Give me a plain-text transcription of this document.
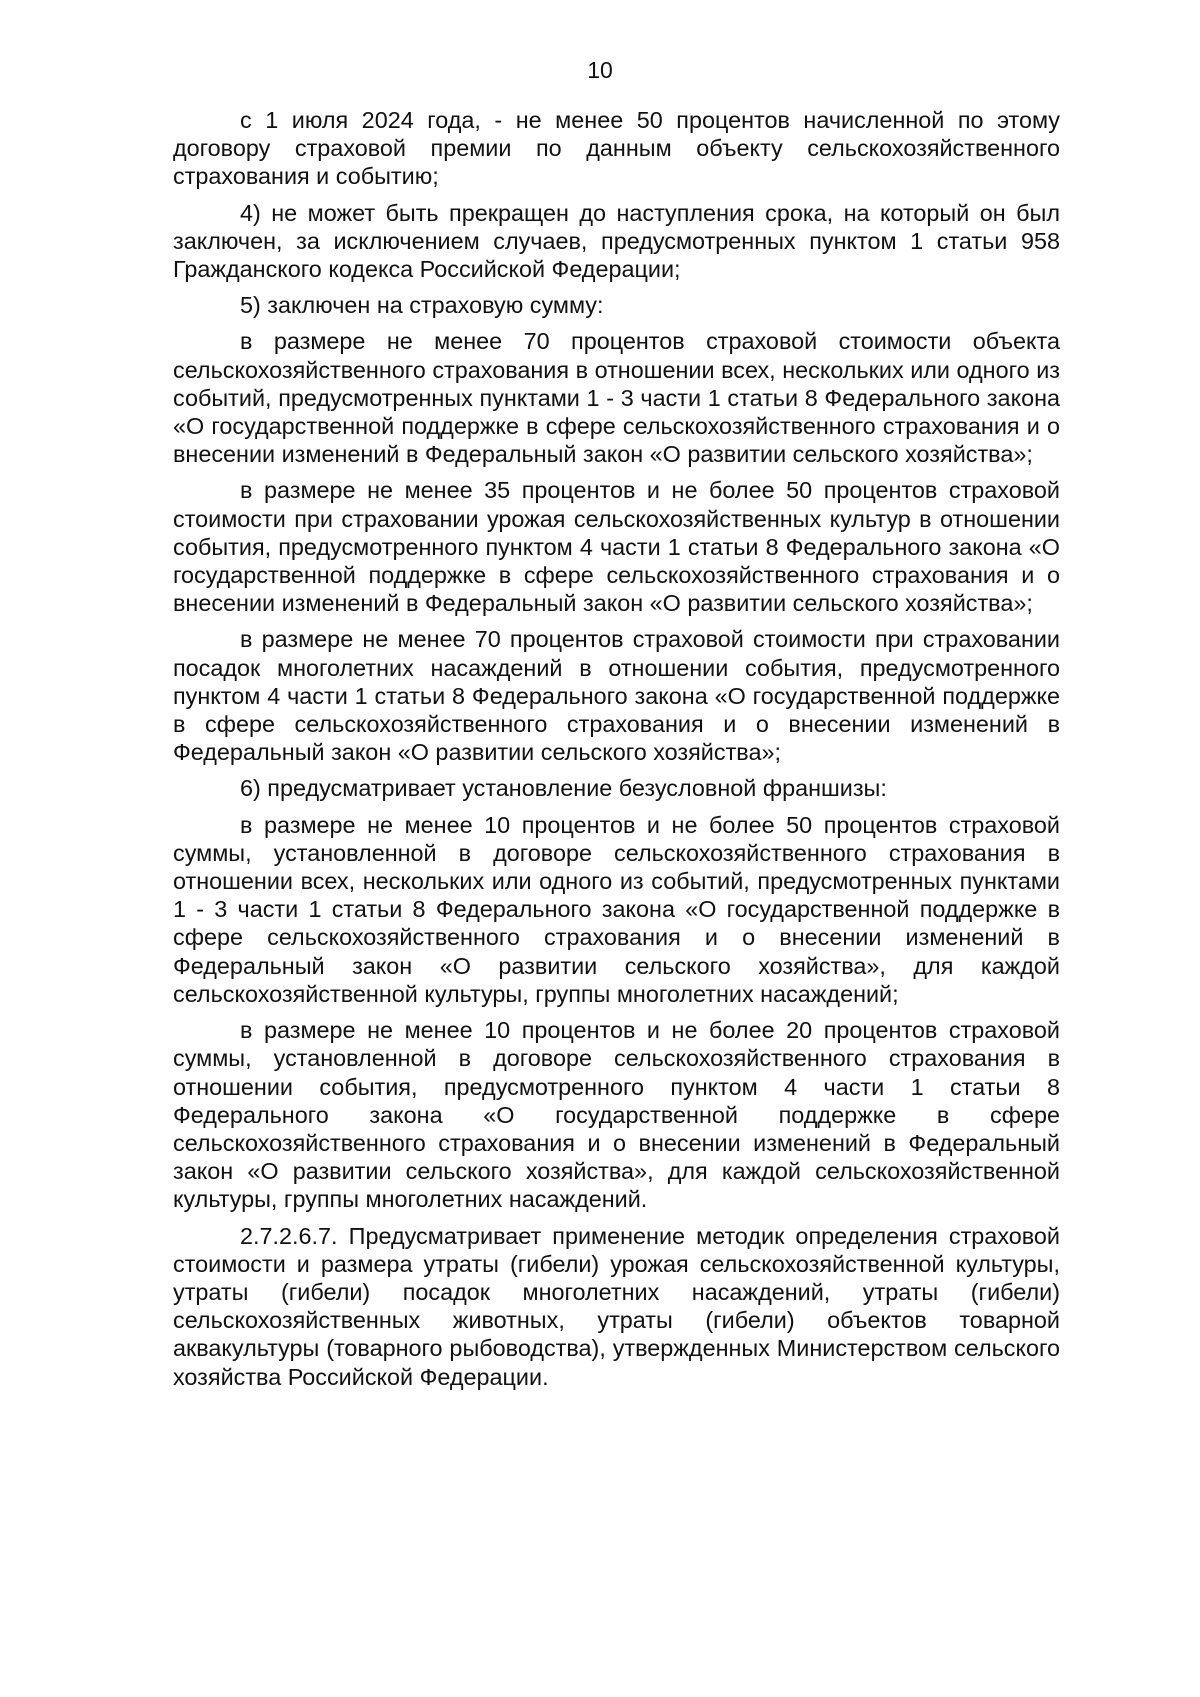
10

с 1 июля 2024 года, - не менее 50 процентов начисленной по этому договору страховой премии по данным объекту сельскохозяйственного страхования и событию;

4) не может быть прекращен до наступления срока, на который он был заключен, за исключением случаев, предусмотренных пунктом 1 статьи 958 Гражданского кодекса Российской Федерации;

5) заключен на страховую сумму:

в размере не менее 70 процентов страховой стоимости объекта сельскохозяйственного страхования в отношении всех, нескольких или одного из событий, предусмотренных пунктами 1 - 3 части 1 статьи 8 Федерального закона «О государственной поддержке в сфере сельскохозяйственного страхования и о внесении изменений в Федеральный закон «О развитии сельского хозяйства»;

в размере не менее 35 процентов и не более 50 процентов страховой стоимости при страховании урожая сельскохозяйственных культур в отношении события, предусмотренного пунктом 4 части 1 статьи 8 Федерального закона «О государственной поддержке в сфере сельскохозяйственного страхования и о внесении изменений в Федеральный закон «О развитии сельского хозяйства»;

в размере не менее 70 процентов страховой стоимости при страховании посадок многолетних насаждений в отношении события, предусмотренного пунктом 4 части 1 статьи 8 Федерального закона «О государственной поддержке в сфере сельскохозяйственного страхования и о внесении изменений в Федеральный закон «О развитии сельского хозяйства»;

6) предусматривает установление безусловной франшизы:

в размере не менее 10 процентов и не более 50 процентов страховой суммы, установленной в договоре сельскохозяйственного страхования в отношении всех, нескольких или одного из событий, предусмотренных пунктами 1 - 3 части 1 статьи 8 Федерального закона «О государственной поддержке в сфере сельскохозяйственного страхования и о внесении изменений в Федеральный закон «О развитии сельского хозяйства», для каждой сельскохозяйственной культуры, группы многолетних насаждений;

в размере не менее 10 процентов и не более 20 процентов страховой суммы, установленной в договоре сельскохозяйственного страхования в отношении события, предусмотренного пунктом 4 части 1 статьи 8 Федерального закона «О государственной поддержке в сфере сельскохозяйственного страхования и о внесении изменений в Федеральный закон «О развитии сельского хозяйства», для каждой сельскохозяйственной культуры, группы многолетних насаждений.

2.7.2.6.7. Предусматривает применение методик определения страховой стоимости и размера утраты (гибели) урожая сельскохозяйственной культуры, утраты (гибели) посадок многолетних насаждений, утраты (гибели) сельскохозяйственных животных, утраты (гибели) объектов товарной аквакультуры (товарного рыбоводства), утвержденных Министерством сельского хозяйства Российской Федерации.
